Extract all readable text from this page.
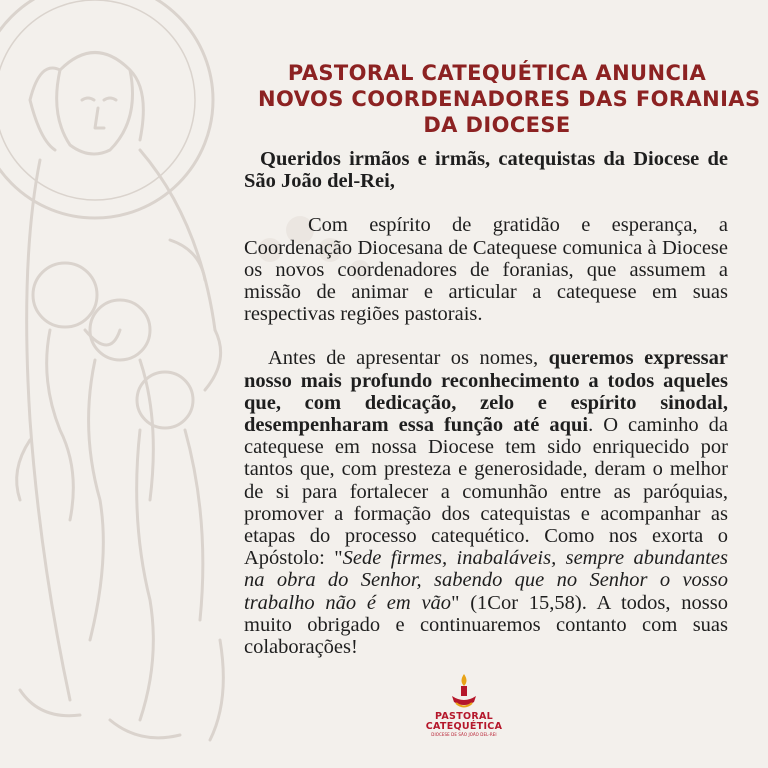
PASTORAL CATEQUÉTICA ANUNCIA
NOVOS COORDENADORES DAS FORANIAS
DA DIOCESE

Queridos irmãos e irmãs, catequistas da Diocese de São João del-Rei,

Com espírito de gratidão e esperança, a Coordenação Diocesana de Catequese comunica à Diocese os novos coordenadores de foranias, que assumem a missão de animar e articular a catequese em suas respectivas regiões pastorais.

Antes de apresentar os nomes, queremos expressar nosso mais profundo reconhecimento a todos aqueles que, com dedicação, zelo e espírito sinodal, desempenharam essa função até aqui. O caminho da catequese em nossa Diocese tem sido enriquecido por tantos que, com presteza e generosidade, deram o melhor de si para fortalecer a comunhão entre as paróquias, promover a formação dos catequistas e acompanhar as etapas do processo catequético. Como nos exorta o Apóstolo: "Sede firmes, inabaláveis, sempre abundantes na obra do Senhor, sabendo que no Senhor o vosso trabalho não é em vão" (1Cor 15,58). A todos, nosso muito obrigado e continuaremos contanto com suas colaborações!

PASTORAL
CATEQUÉTICA
DIOCESE DE SÃO JOÃO DEL-REI
